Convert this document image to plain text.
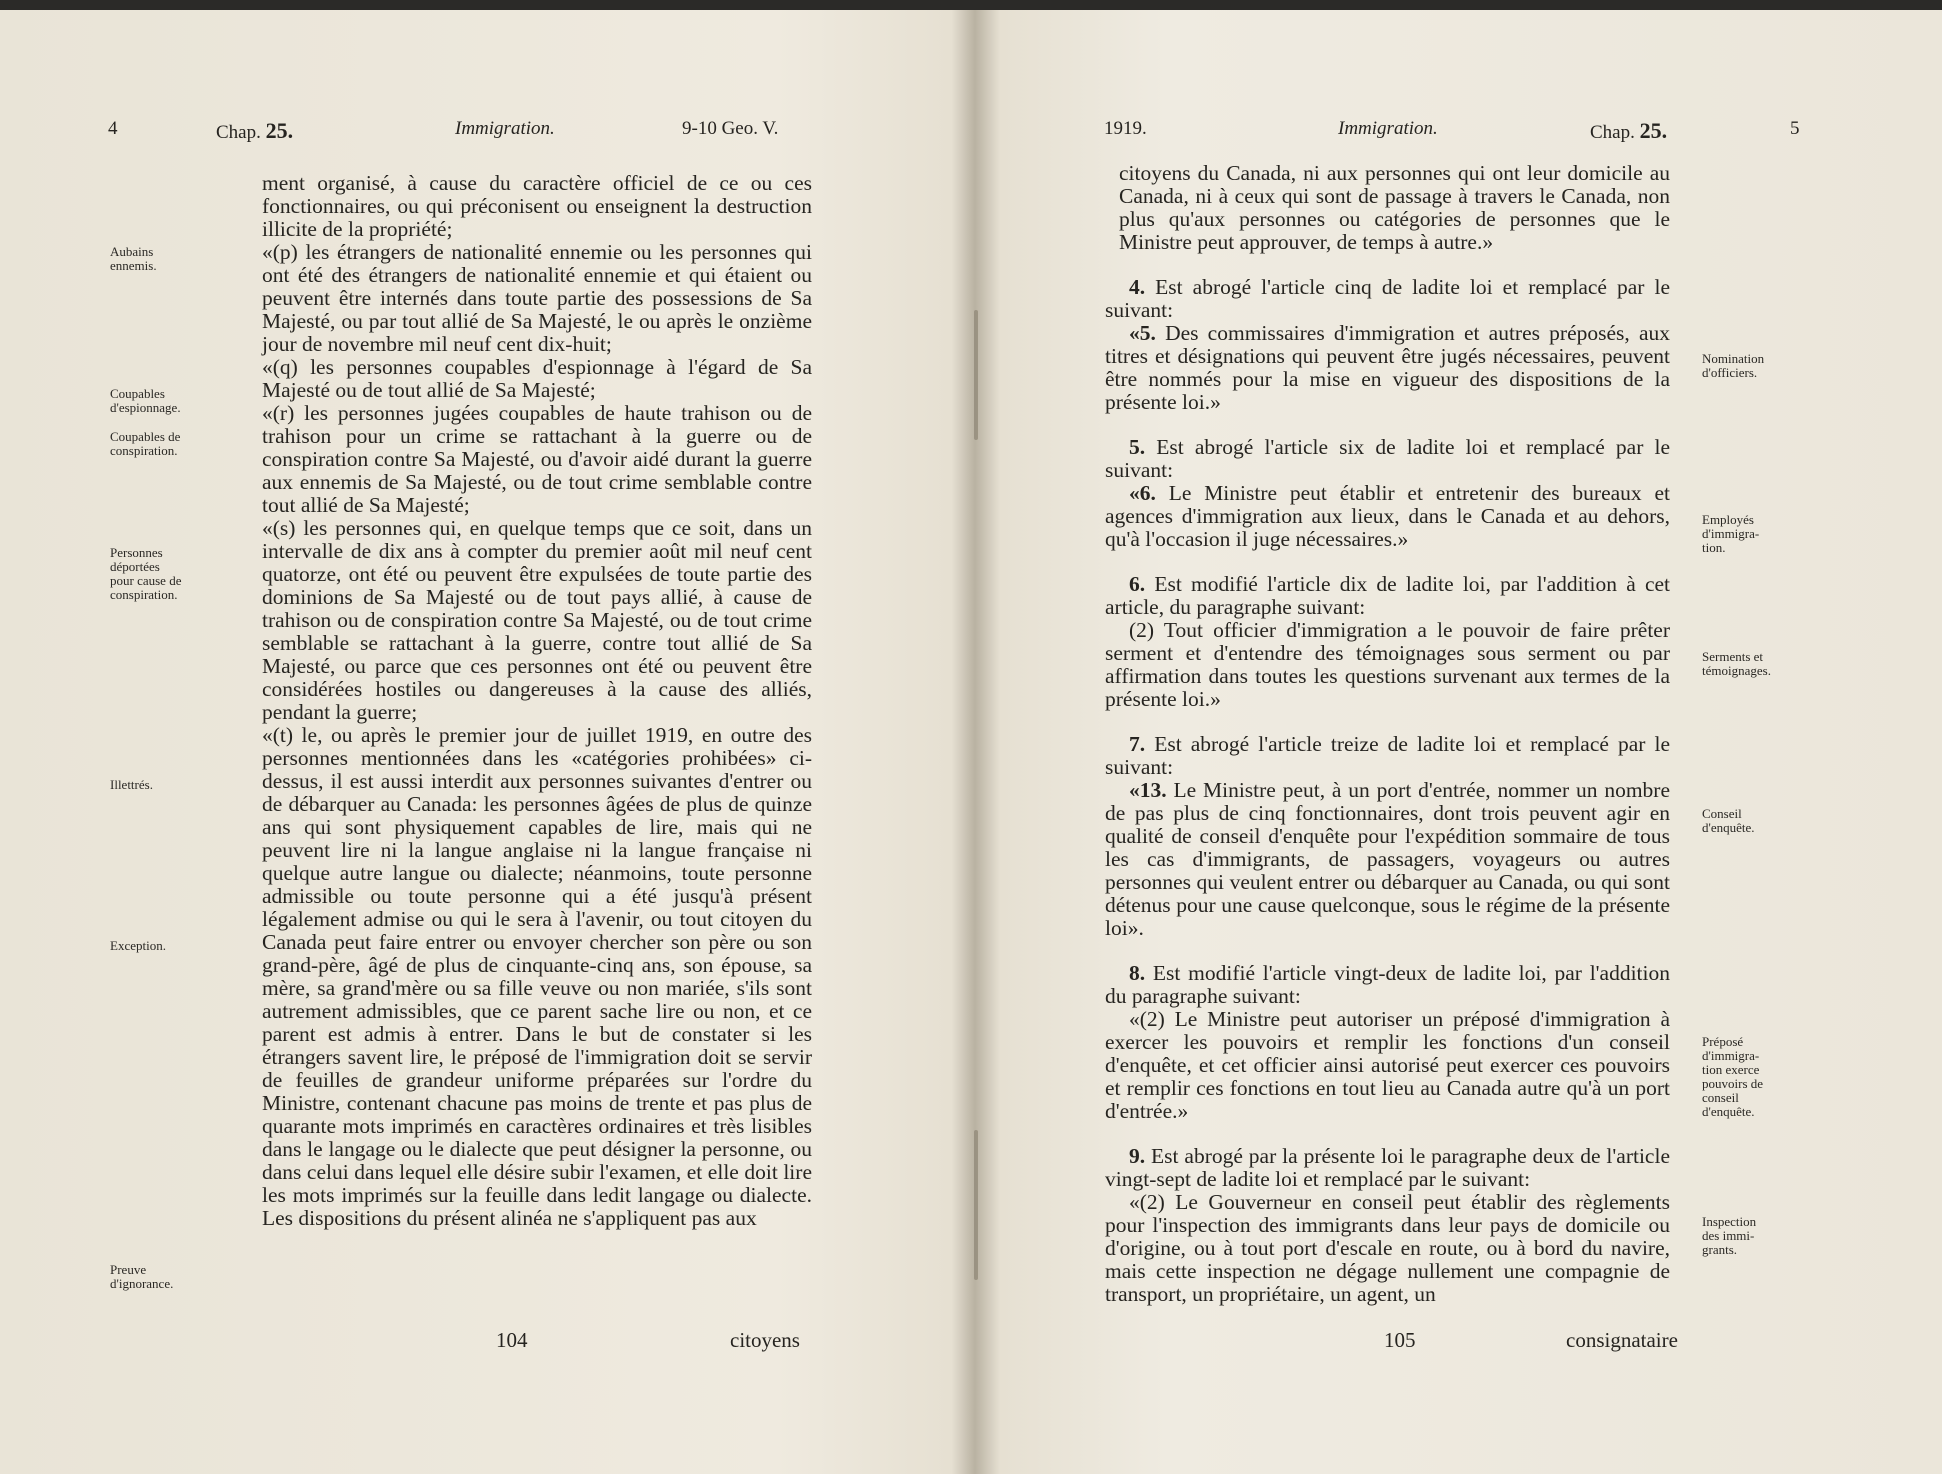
4	Chap. 25.	Immigration.	9-10 Geo. V.
Aubains
ennemis.
Coupables
d'espionnage.
Coupables de
conspiration.
Personnes
déportées
pour cause de
conspiration.
Illettrés.
Exception.
Preuve
d'ignorance.

ment organisé, à cause du caractère officiel de ce ou ces fonctionnaires, ou qui préconisent ou enseignent la destruction illicite de la propriété;

«(p) les étrangers de nationalité ennemie ou les personnes qui ont été des étrangers de nationalité ennemie et qui étaient ou peuvent être internés dans toute partie des possessions de Sa Majesté, ou par tout allié de Sa Majesté, le ou après le onzième jour de novembre mil neuf cent dix-huit;

«(q) les personnes coupables d'espionnage à l'égard de Sa Majesté ou de tout allié de Sa Majesté;

«(r) les personnes jugées coupables de haute trahison ou de trahison pour un crime se rattachant à la guerre ou de conspiration contre Sa Majesté, ou d'avoir aidé durant la guerre aux ennemis de Sa Majesté, ou de tout crime semblable contre tout allié de Sa Majesté;

«(s) les personnes qui, en quelque temps que ce soit, dans un intervalle de dix ans à compter du premier août mil neuf cent quatorze, ont été ou peuvent être expulsées de toute partie des dominions de Sa Majesté ou de tout pays allié, à cause de trahison ou de conspiration contre Sa Majesté, ou de tout crime semblable se rattachant à la guerre, contre tout allié de Sa Majesté, ou parce que ces personnes ont été ou peuvent être considérées hostiles ou dangereuses à la cause des alliés, pendant la guerre;

«(t) le, ou après le premier jour de juillet 1919, en outre des personnes mentionnées dans les «catégories prohibées» ci-dessus, il est aussi interdit aux personnes suivantes d'entrer ou de débarquer au Canada: les personnes âgées de plus de quinze ans qui sont physiquement capables de lire, mais qui ne peuvent lire ni la langue anglaise ni la langue française ni quelque autre langue ou dialecte; néanmoins, toute personne admissible ou toute personne qui a été jusqu'à présent légalement admise ou qui le sera à l'avenir, ou tout citoyen du Canada peut faire entrer ou envoyer chercher son père ou son grand-père, âgé de plus de cinquante-cinq ans, son épouse, sa mère, sa grand'mère ou sa fille veuve ou non mariée, s'ils sont autrement admissibles, que ce parent sache lire ou non, et ce parent est admis à entrer. Dans le but de constater si les étrangers savent lire, le préposé de l'immigration doit se servir de feuilles de grandeur uniforme préparées sur l'ordre du Ministre, contenant chacune pas moins de trente et pas plus de quarante mots imprimés en caractères ordinaires et très lisibles dans le langage ou le dialecte que peut désigner la personne, ou dans celui dans lequel elle désire subir l'examen, et elle doit lire les mots imprimés sur la feuille dans ledit langage ou dialecte. Les dispositions du présent alinéa ne s'appliquent pas aux

104	citoyens
1919.	Immigration.	Chap. 25.	5

citoyens du Canada, ni aux personnes qui ont leur domicile au Canada, ni à ceux qui sont de passage à travers le Canada, non plus qu'aux personnes ou catégories de personnes que le Ministre peut approuver, de temps à autre.»

4. Est abrogé l'article cinq de ladite loi et remplacé par le suivant:

«5. Des commissaires d'immigration et autres préposés, aux titres et désignations qui peuvent être jugés nécessaires, peuvent être nommés pour la mise en vigueur des dispositions de la présente loi.»

5. Est abrogé l'article six de ladite loi et remplacé par le suivant:

«6. Le Ministre peut établir et entretenir des bureaux et agences d'immigration aux lieux, dans le Canada et au dehors, qu'à l'occasion il juge nécessaires.»

6. Est modifié l'article dix de ladite loi, par l'addition à cet article, du paragraphe suivant:

(2) Tout officier d'immigration a le pouvoir de faire prêter serment et d'entendre des témoignages sous serment ou par affirmation dans toutes les questions survenant aux termes de la présente loi.»

7. Est abrogé l'article treize de ladite loi et remplacé par le suivant:

«13. Le Ministre peut, à un port d'entrée, nommer un nombre de pas plus de cinq fonctionnaires, dont trois peuvent agir en qualité de conseil d'enquête pour l'expédition sommaire de tous les cas d'immigrants, de passagers, voyageurs ou autres personnes qui veulent entrer ou débarquer au Canada, ou qui sont détenus pour une cause quelconque, sous le régime de la présente loi».

8. Est modifié l'article vingt-deux de ladite loi, par l'addition du paragraphe suivant:

«(2) Le Ministre peut autoriser un préposé d'immigration à exercer les pouvoirs et remplir les fonctions d'un conseil d'enquête, et cet officier ainsi autorisé peut exercer ces pouvoirs et remplir ces fonctions en tout lieu au Canada autre qu'à un port d'entrée.»

9. Est abrogé par la présente loi le paragraphe deux de l'article vingt-sept de ladite loi et remplacé par le suivant:

«(2) Le Gouverneur en conseil peut établir des règlements pour l'inspection des immigrants dans leur pays de domicile ou d'origine, ou à tout port d'escale en route, ou à bord du navire, mais cette inspection ne dégage nullement une compagnie de transport, un propriétaire, un agent, un

Nomination
d'officiers.
Employés
d'immigra-
tion.
Serments et
témoignages.
Conseil
d'enquête.
Préposé
d'immigra-
tion exerce
pouvoirs de
conseil
d'enquête.
Inspection
des immi-
grants.
105	consignataire
